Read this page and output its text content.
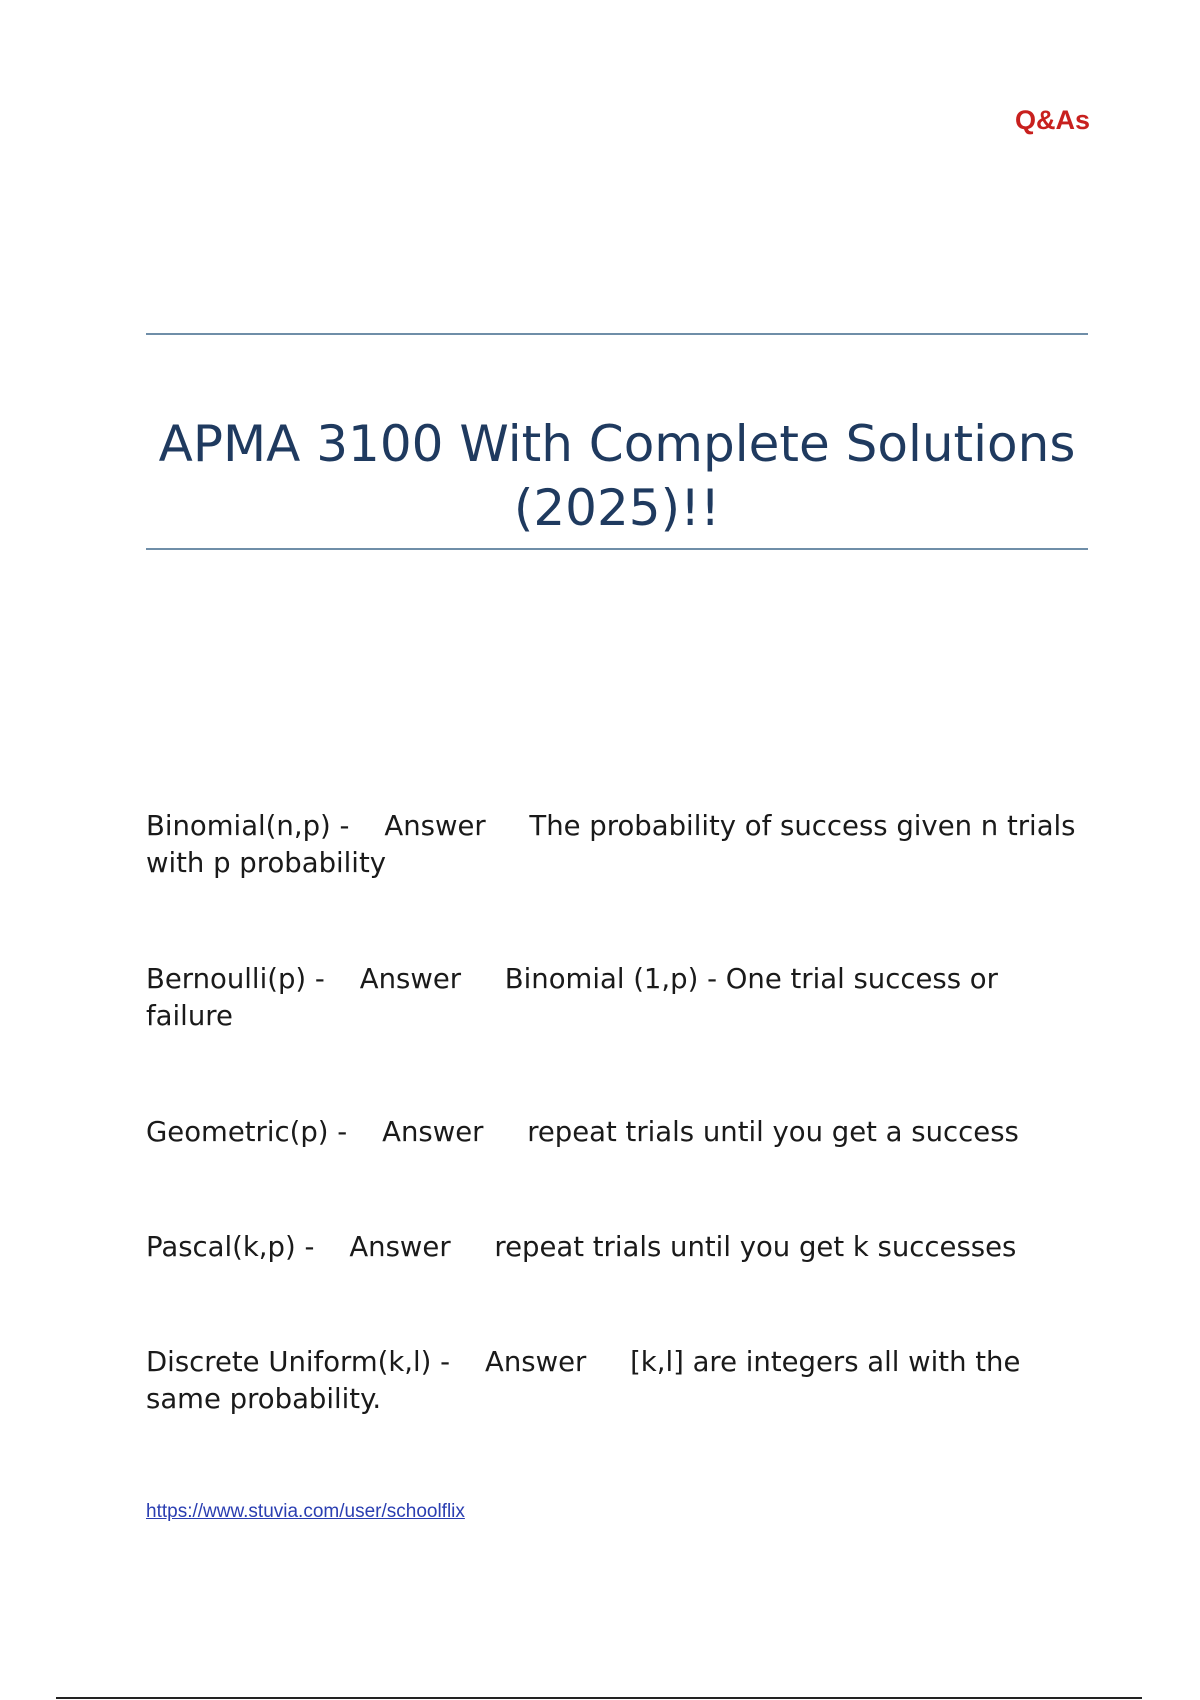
Q&As

APMA 3100 With Complete Solutions (2025)!!
Binomial(n,p) - Answer The probability of success given n trials with p probability
Bernoulli(p) - Answer Binomial (1,p) - One trial success or failure
Geometric(p) - Answer repeat trials until you get a success
Pascal(k,p) - Answer repeat trials until you get k successes
Discrete Uniform(k,l) - Answer [k,l] are integers all with the same probability.
https://www.stuvia.com/user/schoolflix
